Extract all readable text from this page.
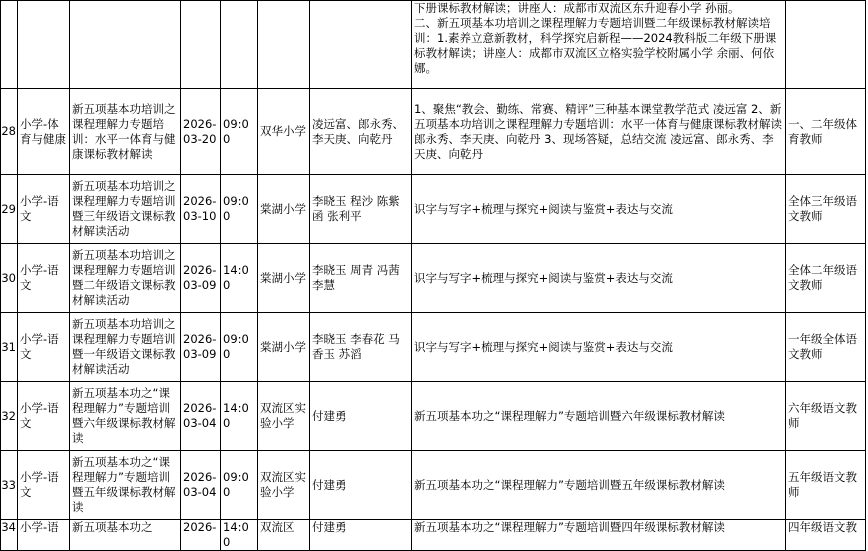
							下册课标教材解读；讲座人：成都市双流区东升迎春小学 孙丽。
二、新五项基本功培训之课程理解力专题培训暨二年级课标教材解读培训：1.素养立意新教材，科学探究启新程——2024教科版二年级下册课标教材解读；讲座人：成都市双流区立格实验学校附属小学 余丽、何依娜。	

28	小学-体育与健康	新五项基本功培训之课程理解力专题培训：水平一体育与健康课标教材解读	2026-03-20	09:00	双华小学	凌远富、郎永秀、李天庚、向乾丹	1、聚焦“教会、勤练、常赛、精评”三种基本课堂教学范式 凌远富 2、新五项基本功培训之课程理解力专题培训：水平一体育与健康课标教材解读 郎永秀、李天庚、向乾丹 3、现场答疑，总结交流 凌远富、郎永秀、李天庚、向乾丹	一、二年级体育教师
29	小学-语文	新五项基本功培训之课程理解力专题培训暨三年级语文课标教材解读活动	2026-03-10	09:00	棠湖小学	李晓玉 程沙 陈紫函 张利平	识字与写字+梳理与探究+阅读与鉴赏+表达与交流	全体三年级语文教师
30	小学-语文	新五项基本功培训之课程理解力专题培训暨二年级语文课标教材解读活动	2026-03-09	14:00	棠湖小学	李晓玉 周青 冯茜 李慧	识字与写字+梳理与探究+阅读与鉴赏+表达与交流	全体二年级语文教师
31	小学-语文	新五项基本功培训之课程理解力专题培训暨一年级语文课标教材解读活动	2026-03-09	09:00	棠湖小学	李晓玉 李春花 马香玉 苏滔	识字与写字+梳理与探究+阅读与鉴赏+表达与交流	一年级全体语文教师
32	小学-语文	新五项基本功之“课程理解力”专题培训暨六年级课标教材解读	2026-03-04	14:00	双流区实验小学	付建勇	新五项基本功之“课程理解力”专题培训暨六年级课标教材解读	六年级语文教师
33	小学-语文	新五项基本功之“课程理解力”专题培训暨五年级课标教材解读	2026-03-04	09:00	双流区实验小学	付建勇	新五项基本功之“课程理解力”专题培训暨五年级课标教材解读	五年级语文教师
34	小学-语	新五项基本功之	2026-	14:00	双流区	付建勇	新五项基本功之“课程理解力”专题培训暨四年级课标教材解读	四年级语文教
